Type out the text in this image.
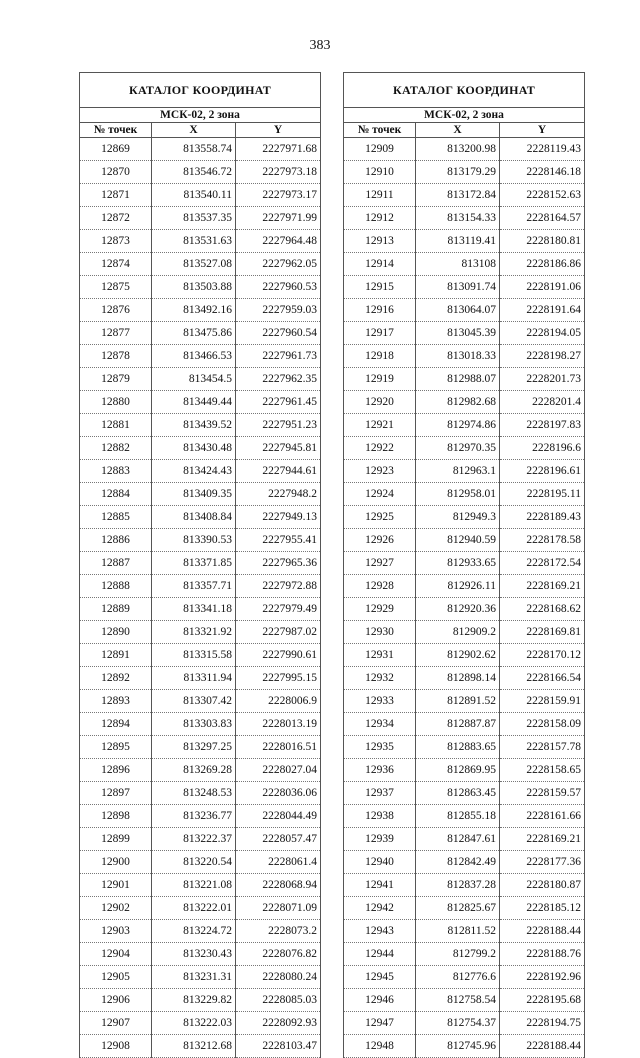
383
КАТАЛОГ КООРДИНАТ		
МСК-02, 2 зона		
№ точек	X	Y
12869	813558.74	2227971.68
12870	813546.72	2227973.18
12871	813540.11	2227973.17
12872	813537.35	2227971.99
12873	813531.63	2227964.48
12874	813527.08	2227962.05
12875	813503.88	2227960.53
12876	813492.16	2227959.03
12877	813475.86	2227960.54
12878	813466.53	2227961.73
12879	813454.5	2227962.35
12880	813449.44	2227961.45
12881	813439.52	2227951.23
12882	813430.48	2227945.81
12883	813424.43	2227944.61
12884	813409.35	2227948.2
12885	813408.84	2227949.13
12886	813390.53	2227955.41
12887	813371.85	2227965.36
12888	813357.71	2227972.88
12889	813341.18	2227979.49
12890	813321.92	2227987.02
12891	813315.58	2227990.61
12892	813311.94	2227995.15
12893	813307.42	2228006.9
12894	813303.83	2228013.19
12895	813297.25	2228016.51
12896	813269.28	2228027.04
12897	813248.53	2228036.06
12898	813236.77	2228044.49
12899	813222.37	2228057.47
12900	813220.54	2228061.4
12901	813221.08	2228068.94
12902	813222.01	2228071.09
12903	813224.72	2228073.2
12904	813230.43	2228076.82
12905	813231.31	2228080.24
12906	813229.82	2228085.03
12907	813222.03	2228092.93
12908	813212.68	2228103.47
КАТАЛОГ КООРДИНАТ		
МСК-02, 2 зона		
№ точек	X	Y
12909	813200.98	2228119.43
12910	813179.29	2228146.18
12911	813172.84	2228152.63
12912	813154.33	2228164.57
12913	813119.41	2228180.81
12914	813108	2228186.86
12915	813091.74	2228191.06
12916	813064.07	2228191.64
12917	813045.39	2228194.05
12918	813018.33	2228198.27
12919	812988.07	2228201.73
12920	812982.68	2228201.4
12921	812974.86	2228197.83
12922	812970.35	2228196.6
12923	812963.1	2228196.61
12924	812958.01	2228195.11
12925	812949.3	2228189.43
12926	812940.59	2228178.58
12927	812933.65	2228172.54
12928	812926.11	2228169.21
12929	812920.36	2228168.62
12930	812909.2	2228169.81
12931	812902.62	2228170.12
12932	812898.14	2228166.54
12933	812891.52	2228159.91
12934	812887.87	2228158.09
12935	812883.65	2228157.78
12936	812869.95	2228158.65
12937	812863.45	2228159.57
12938	812855.18	2228161.66
12939	812847.61	2228169.21
12940	812842.49	2228177.36
12941	812837.28	2228180.87
12942	812825.67	2228185.12
12943	812811.52	2228188.44
12944	812799.2	2228188.76
12945	812776.6	2228192.96
12946	812758.54	2228195.68
12947	812754.37	2228194.75
12948	812745.96	2228188.44
